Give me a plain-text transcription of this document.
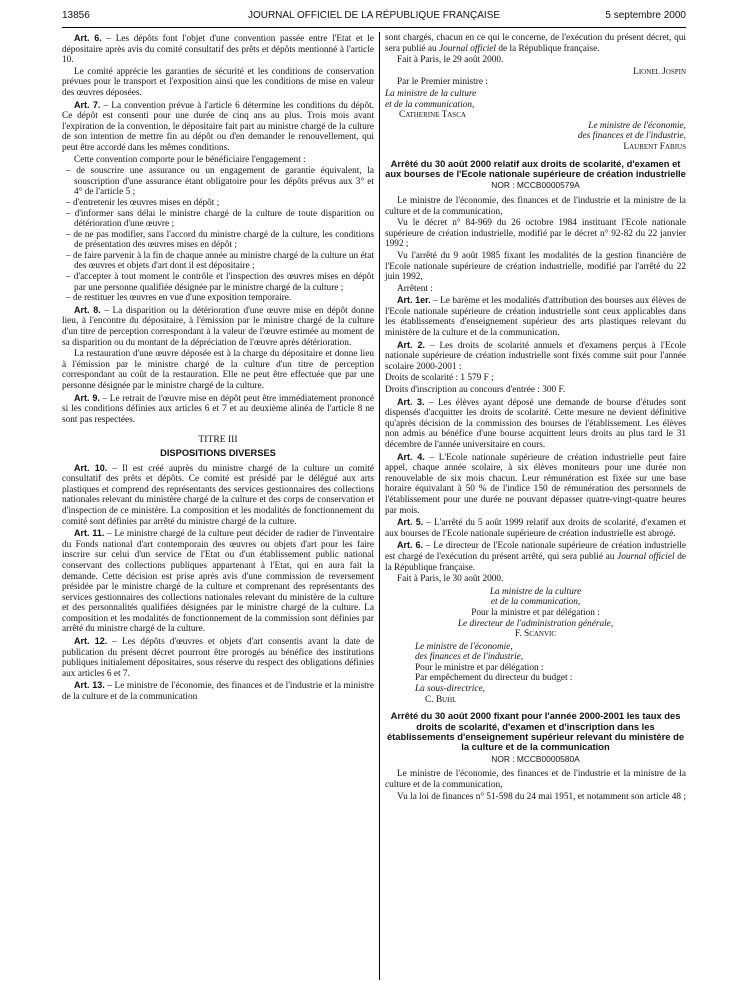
13856	JOURNAL OFFICIEL DE LA RÉPUBLIQUE FRANÇAISE	5 septembre 2000

Art. 6. – Les dépôts font l'objet d'une convention passée entre l'Etat et le dépositaire après avis du comité consultatif des prêts et dépôts mentionné à l'article 10.

Le comité apprécie les garanties de sécurité et les conditions de conservation prévues pour le transport et l'exposition ainsi que les conditions de mise en valeur des œuvres déposées.

Art. 7. – La convention prévue à l'article 6 détermine les conditions du dépôt. Ce dépôt est consenti pour une durée de cinq ans au plus. Trois mois avant l'expiration de la convention, le dépositaire fait part au ministre chargé de la culture de son intention de mettre fin au dépôt ou d'en demander le renouvellement, qui peut être accordé dans les mêmes conditions.

Cette convention comporte pour le bénéficiaire l'engagement :

– de souscrire une assurance ou un engagement de garantie équivalent, la souscription d'une assurance étant obligatoire pour les dépôts prévus aux 3° et 4° de l'article 5 ;
– d'entretenir les œuvres mises en dépôt ;
– d'informer sans délai le ministre chargé de la culture de toute disparition ou détérioration d'une œuvre ;
– de ne pas modifier, sans l'accord du ministre chargé de la culture, les conditions de présentation des œuvres mises en dépôt ;
– de faire parvenir à la fin de chaque année au ministre chargé de la culture un état des œuvres et objets d'art dont il est dépositaire ;
– d'accepter à tout moment le contrôle et l'inspection des œuvres mises en dépôt par une personne qualifiée désignée par le ministre chargé de la culture ;
– de restituer les œuvres en vue d'une exposition temporaire.

Art. 8. – La disparition ou la détérioration d'une œuvre mise en dépôt donne lieu, à l'encontre du dépositaire, à l'émission par le ministre chargé de la culture d'un titre de perception correspondant à la valeur de l'œuvre estimée au moment de sa disparition ou du montant de la dépréciation de l'œuvre après détérioration.

La restauration d'une œuvre déposée est à la charge du dépositaire et donne lieu à l'émission par le ministre chargé de la culture d'un titre de perception correspondant au coût de la restauration. Elle ne peut être effectuée que par une personne désignée par le ministre chargé de la culture.

Art. 9. – Le retrait de l'œuvre mise en dépôt peut être immédiatement prononcé si les conditions définies aux articles 6 et 7 et au deuxième alinéa de l'article 8 ne sont pas respectées.

TITRE III
DISPOSITIONS DIVERSES

Art. 10. – Il est créé auprès du ministre chargé de la culture un comité consultatif des prêts et dépôts. Ce comité est présidé par le délégué aux arts plastiques et comprend des représentants des services gestionnaires des collections nationales relevant du ministère chargé de la culture et des corps de conservation et d'inspection de ce ministère. La composition et les modalités de fonctionnement du comité sont définies par arrêté du ministre chargé de la culture.

Art. 11. – Le ministre chargé de la culture peut décider de radier de l'inventaire du Fonds national d'art contemporain des œuvres ou objets d'art pour les faire inscrire sur celui d'un service de l'Etat ou d'un établissement public national conservant des collections publiques appartenant à l'Etat, qui en aura fait la demande. Cette décision est prise après avis d'une commission de reversement présidée par le ministre chargé de la culture et comprenant des représentants des services gestionnaires des collections nationales relevant du ministère de la culture et des personnalités qualifiées désignées par le ministre chargé de la culture. La composition et les modalités de fonctionnement de la commission sont définies par arrêté du ministre chargé de la culture.

Art. 12. – Les dépôts d'œuvres et objets d'art consentis avant la date de publication du présent décret pourront être prorogés au bénéfice des institutions publiques initialement dépositaires, sous réserve du respect des obligations définies aux articles 6 et 7.

Art. 13. – Le ministre de l'économie, des finances et de l'industrie et la ministre de la culture et de la communication

sont chargés, chacun en ce qui le concerne, de l'exécution du présent décret, qui sera publié au Journal officiel de la République française.

Fait à Paris, le 29 août 2000.

Lionel Jospin

Par le Premier ministre :

La ministre de la culture
et de la communication,
Catherine Tasca
Le ministre de l'économie,
des finances et de l'industrie,
Laurent Fabius
Arrêté du 30 août 2000 relatif aux droits de scolarité, d'examen et aux bourses de l'Ecole nationale supérieure de création industrielle
NOR : MCCB0000579A

Le ministre de l'économie, des finances et de l'industrie et la ministre de la culture et de la communication,

Vu le décret n° 84-969 du 26 octobre 1984 instituant l'Ecole nationale supérieure de création industrielle, modifié par le décret n° 92-82 du 22 janvier 1992 ;

Vu l'arrêté du 9 août 1985 fixant les modalités de la gestion financière de l'Ecole nationale supérieure de création industrielle, modifié par l'arrêté du 22 juin 1992,

Arrêtent :

Art. 1er. – Le barème et les modalités d'attribution des bourses aux élèves de l'Ecole nationale supérieure de création industrielle sont ceux applicables dans les établissements d'enseignement supérieur des arts plastiques relevant du ministère de la culture et de la communication.

Art. 2. – Les droits de scolarité annuels et d'examens perçus à l'Ecole nationale supérieure de création industrielle sont fixés comme suit pour l'année scolaire 2000-2001 :

Droits de scolarité : 1 579 F ;

Droits d'inscription au concours d'entrée : 300 F.

Art. 3. – Les élèves ayant déposé une demande de bourse d'études sont dispensés d'acquitter les droits de scolarité. Cette mesure ne devient définitive qu'après décision de la commission des bourses de l'établissement. Les élèves non admis au bénéfice d'une bourse acquittent leurs droits au plus tard le 31 décembre de l'année universitaire en cours.

Art. 4. – L'Ecole nationale supérieure de création industrielle peut faire appel, chaque année scolaire, à six élèves moniteurs pour une durée non renouvelable de six mois chacun. Leur rémunération est fixée sur une base horaire équivalant à 50 % de l'indice 150 de rémunération des personnels de l'établissement pour une durée ne pouvant dépasser quatre-vingt-quatre heures par mois.

Art. 5. – L'arrêté du 5 août 1999 relatif aux droits de scolarité, d'examen et aux bourses de l'Ecole nationale supérieure de création industrielle est abrogé.

Art. 6. – Le directeur de l'Ecole nationale supérieure de création industrielle est chargé de l'exécution du présent arrêté, qui sera publié au Journal officiel de la République française.

Fait à Paris, le 30 août 2000.

La ministre de la culture
et de la communication,
Pour la ministre et par délégation :
Le directeur de l'administration générale,
F. Scanvic
Le ministre de l'économie,
des finances et de l'industrie,
Pour le ministre et par délégation :
Par empêchement du directeur du budget :
La sous-directrice,
C. Buhl
Arrêté du 30 août 2000 fixant pour l'année 2000-2001 les taux des droits de scolarité, d'examen et d'inscription dans les établissements d'enseignement supérieur relevant du ministère de la culture et de la communication
NOR : MCCB0000580A

Le ministre de l'économie, des finances et de l'industrie et la ministre de la culture et de la communication,

Vu la loi de finances n° 51-598 du 24 mai 1951, et notamment son article 48 ;
